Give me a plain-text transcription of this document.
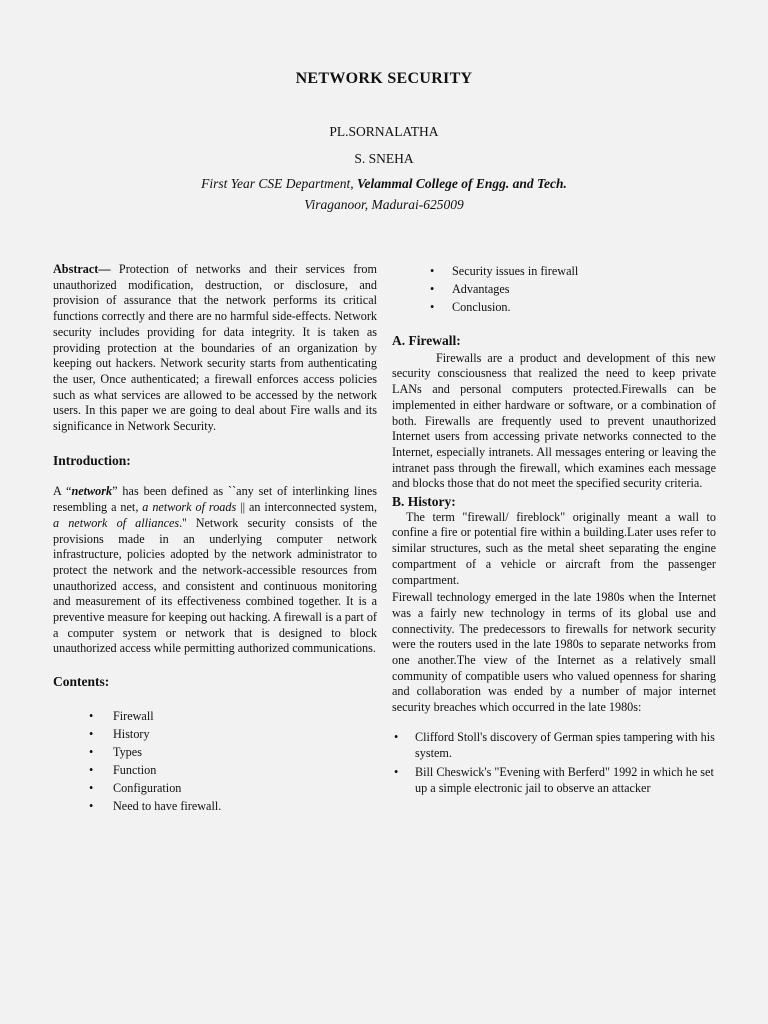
NETWORK SECURITY
PL.SORNALATHA
S. SNEHA
First Year CSE Department, Velammal College of Engg. and Tech.
Viraganoor, Madurai-625009

Abstract— Protection of networks and their services from unauthorized modification, destruction, or disclosure, and provision of assurance that the network performs its critical functions correctly and there are no harmful side-effects. Network security includes providing for data integrity. It is taken as providing protection at the boundaries of an organization by keeping out hackers. Network security starts from authenticating the user, Once authenticated; a firewall enforces access policies such as what services are allowed to be accessed by the network users. In this paper we are going to deal about Fire walls and its significance in Network Security.

Introduction:

A “network” has been defined as ``any set of interlinking lines resembling a net, a network of roads || an interconnected system, a network of alliances.'' Network security consists of the provisions made in an underlying computer network infrastructure, policies adopted by the network administrator to protect the network and the network-accessible resources from unauthorized access, and consistent and continuous monitoring and measurement of its effectiveness combined together. It is a preventive measure for keeping out hacking. A firewall is a part of a computer system or network that is designed to block unauthorized access while permitting authorized communications.

Contents:

• Firewall
• History
• Types
• Function
• Configuration
• Need to have firewall.
• Security issues in firewall
• Advantages
• Conclusion.

A. Firewall:

Firewalls are a product and development of this new security consciousness that realized the need to keep private LANs and personal computers protected.Firewalls can be implemented in either hardware or software, or a combination of both. Firewalls are frequently used to prevent unauthorized Internet users from accessing private networks connected to the Internet, especially intranets. All messages entering or leaving the intranet pass through the firewall, which examines each message and blocks those that do not meet the specified security criteria.

B. History:

The term "firewall/ fireblock" originally meant a wall to confine a fire or potential fire within a building.Later uses refer to similar structures, such as the metal sheet separating the engine compartment of a vehicle or aircraft from the passenger compartment.

Firewall technology emerged in the late 1980s when the Internet was a fairly new technology in terms of its global use and connectivity. The predecessors to firewalls for network security were the routers used in the late 1980s to separate networks from one another.The view of the Internet as a relatively small community of compatible users who valued openness for sharing and collaboration was ended by a number of major internet security breaches which occurred in the late 1980s:

• Clifford Stoll's discovery of German spies tampering with his system.
• Bill Cheswick's "Evening with Berferd" 1992 in which he set up a simple electronic jail to observe an attacker
